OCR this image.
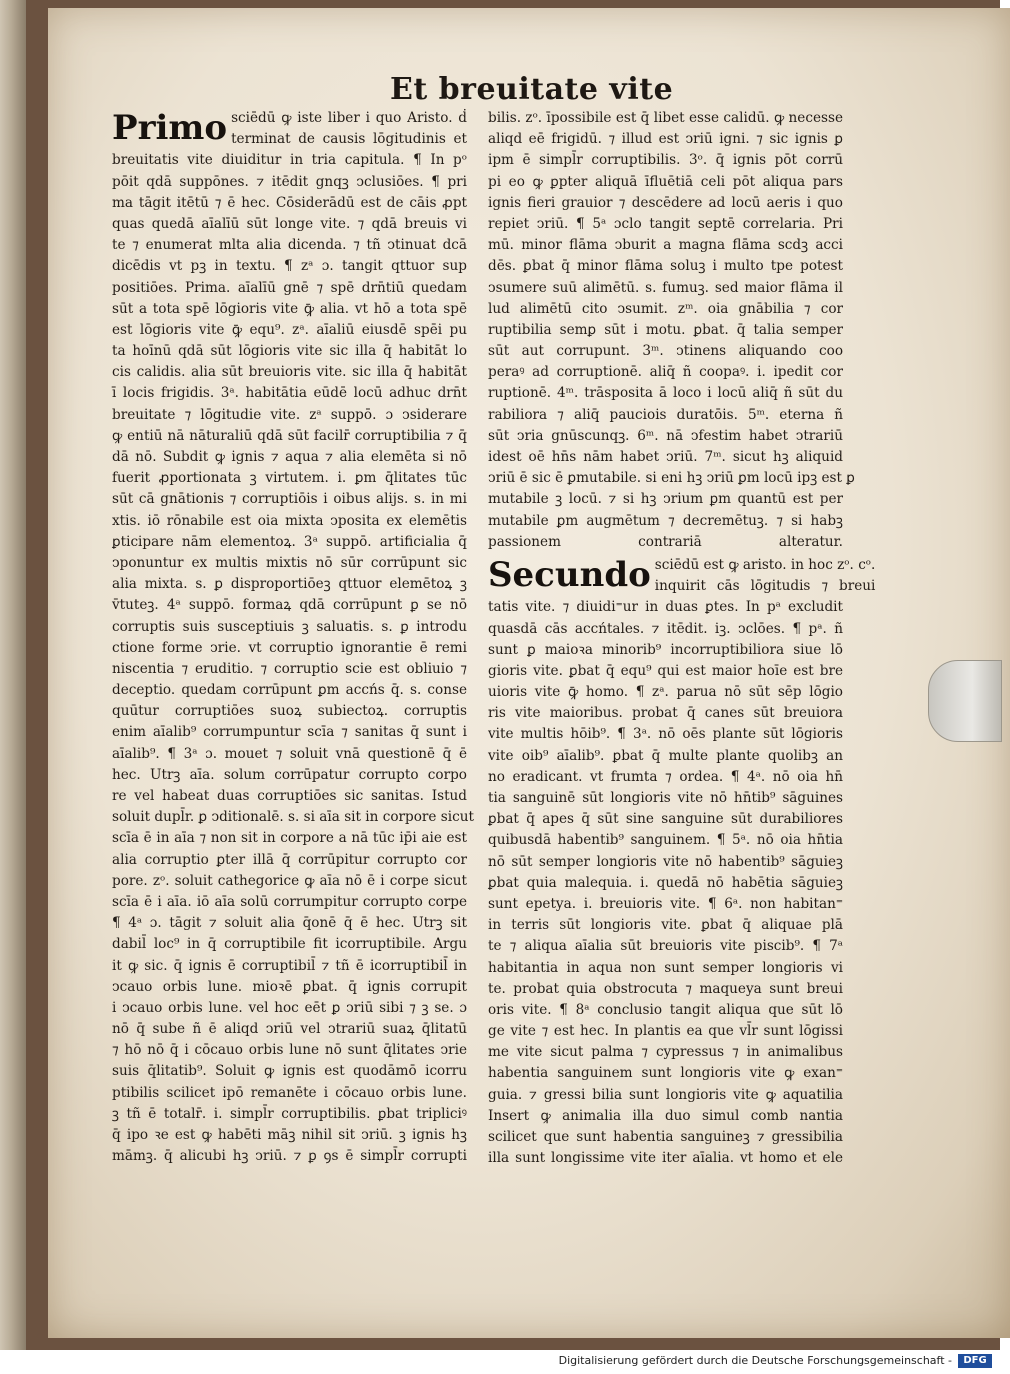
Et breuitate vite
Primo sciēdū ꝙ iste liber i quo Aristo. ḋ
terminat de causis lōgitudinis et
breuitatis vite diuiditur in tria capitula. ¶ In pᵒ
pōit qdā suppōnes. ⁊ itēdit gnqꝫ ↄclusiōes. ¶ pri
ma tāgit itētū ⁊ ē hec. Cōsiderādū est de cāis ꝓpt
quas quedā aīalīū sūt longe vite. ⁊ qdā breuis vi
te ⁊ enumerat mlta alia dicenda. ⁊ tñ ↄtinuat dcā
dicēdis vt pꝫ in textu. ¶ zᵃ ɔ. tangit qttuor sup
positiōes. Prima. aīalīū gnē ⁊ spē drn̄tiū quedam
sūt a tota spē lōgioris vite ꝙ̄ alia. vt hō a tota spē
est lōgioris vite ꝙ̄ equ⁹. zᵃ. aīaliū eiusdē spēi pu
ta hoīnū qdā sūt lōgioris vite sic illa q̄ habitāt lo
cis calidis. alia sūt breuioris vite. sic illa q̄ habitāt
ī locis frigidis. 3ᵃ. habitātia eūdē locū adhuc drn̄t
breuitate ⁊ lōgitudie vite. zᵃ suppō. ɔ ↄsiderare
ꝙ entiū nā nāturaliū qdā sūt facilr̄ corruptibilia ⁊ q̄
dā nō. Subdit ꝙ ignis ⁊ aqua ⁊ alia elemēta si nō
fuerit ꝓportionata ꝫ virtutem. i. ꝑm q̄litates tūc
sūt cā gnātionis ⁊ corruptiōis i oibus alijs. s. in mi
xtis. iō rōnabile est oia mixta ↄposita ex elemētis
ꝑticipare nām elementoꝝ. 3ᵃ suppō. artificialia q̄
ↄponuntur ex multis mixtis nō sūr corrūpunt sic
alia mixta. s. ꝑ disproportiōeꝫ qttuor elemētoꝝ ꝫ
v̄tuteꝫ. 4ᵃ suppō. formaꝝ qdā corrūpunt ꝑ se nō
corruptis suis susceptiuis ꝫ saluatis. s. ꝑ introdu
ctione forme ↄrie. vt corruptio ignorantie ē remi
niscentia ⁊ eruditio. ⁊ corruptio scie est obliuio ⁊
deceptio. quedam corrūpunt ꝑm accńs q̄. s. conse
quūtur corruptiōes suoꝝ subiectoꝝ. corruptis
enim aīalib⁹ corrumpuntur scīa ⁊ sanitas q̄ sunt i
aīalib⁹. ¶ 3ᵃ ɔ. mouet ⁊ soluit vnā questionē q̄ ē
hec. Utrꝫ aīa. solum corrūpatur corrupto corpo
re vel habeat duas corruptiōes sic sanitas. Istud
soluit dupl̄r. ꝑ ↄditionalē. s. si aīa sit in corpore sicut
scīa ē in aīa ⁊ non sit in corpore a nā tūc ip̄i aie est
alia corruptio ꝑter illā q̄ corrūpitur corrupto cor
pore. zᵒ. soluit cathegorice ꝙ aīa nō ē i corpe sicut
scīa ē i aīa. iō aīa solū corrumpitur corrupto corpe
¶ 4ᵃ ɔ. tāgit ⁊ soluit alia q̄onē q̄ ē hec. Utrꝫ sit
dabil̄ loc⁹ in q̄ corruptibile fit icorruptibile. Argu
it ꝙ sic. q̄ ignis ē corruptibil̄ ⁊ tñ ē icorruptibil̄ in
ↄcauo orbis lune. mioꝛē ꝑbat. q̄ ignis corrupit
i ↄcauo orbis lune. vel hoc eēt ꝑ ↄriū sibi ⁊ ꝫ se. ɔ
nō q̄ sube ñ ē aliqd ↄriū vel ↄtrariū suaꝝ q̄litatū
⁊ hō nō q̄ i cōcauo orbis lune nō sunt q̄litates ↄrie
suis q̄litatib⁹. Soluit ꝙ ignis est quodāmō icorru
ptibilis scilicet ipō remanēte i cōcauo orbis lune.
ꝫ tñ ē totalr̄. i. simpl̄r corruptibilis. ꝑbat tripliciꝰ
q̄ ipo ꝛe est ꝙ habēti māꝫ nihil sit ↄriū. ꝫ ignis hꝫ
māmꝫ. q̄ alicubi hꝫ ↄriū. ⁊ ꝑ ꝯs ē simpl̄r corrupti
bilis. zᵒ. īpossibile est q̄ libet esse calidū. ꝙ necesse
aliqd eē frigidū. ⁊ illud est ↄriū igni. ⁊ sic ignis ꝑ
ipm ē simpl̄r corruptibilis. 3ᵒ. q̄ ignis pōt corrū
pi eo ꝙ ꝑpter aliquā īfluētiā celi pōt aliqua pars
ignis fieri grauior ⁊ descēdere ad locū aeris i quo
repiet ↄriū. ¶ 5ᵃ ɔclo tangit septē correlaria. Pri
mū. minor flāma ↄburit a magna flāma scdꝫ acci
dēs. ꝑbat q̄ minor flāma soluꝫ i multo tpe potest
ↄsumere suū alimētū. s. fumuꝫ. sed maior flāma il
lud alimētū cito ↄsumit. zᵐ. oia gnābilia ⁊ cor
ruptibilia semꝑ sūt i motu. ꝑbat. q̄ talia semper
sūt aut corrupunt. 3ᵐ. ↄtinens aliquando coo
peraꝰ ad corruptionē. aliq̄ ñ coopaꝰ. i. ipedit cor
ruptionē. 4ᵐ. trāsposita ā loco i locū aliq̄ ñ sūt du
rabiliora ⁊ aliq̄ pauciois duratōis. 5ᵐ. eterna ñ
sūt ↄria gnūscunqꝫ. 6ᵐ. nā ↄfestim habet ↄtrariū
idest oē hn̄s nām habet ↄriū. 7ᵐ. sicut hꝫ aliquid
ↄriū ē sic ē ꝑmutabile. si eni hꝫ ↄriū ꝑm locū ipꝫ est ꝑ
mutabile ꝫ locū. ⁊ si hꝫ ↄrium ꝑm quantū est per
mutabile ꝑm augmētum ⁊ decremētuꝫ. ⁊ si habꝫ
passionem contrariā alteratur.
Secundo sciēdū est ꝙ aristo. in hoc zᵒ. cᵒ.
inquirit cās lōgitudis ⁊ breui
tatis vite. ⁊ diuidi⁼ur in duas ꝑtes. In pᵃ excludit
quasdā cās accńtales. ⁊ itēdit. iꝫ. ↄclōes. ¶ pᵃ. ñ
sunt ꝑ maioꝛa minorib⁹ incorruptibiliora siue lō
gioris vite. ꝑbat q̄ equ⁹ qui est maior hoīe est bre
uioris vite ꝙ̄ homo. ¶ zᵃ. parua nō sūt sēp lōgio
ris vite maioribus. probat q̄ canes sūt breuiora
vite multis hōib⁹. ¶ 3ᵃ. nō oēs plante sūt lōgioris
vite oib⁹ aīalib⁹. ꝑbat q̄ multe plante quolibꝫ an
no eradicant. vt frumta ⁊ ordea. ¶ 4ᵃ. nō oia hn̄
tia sanguinē sūt longioris vite nō hn̄tib⁹ sāguines
ꝑbat q̄ apes q̄ sūt sine sanguine sūt durabiliores
quibusdā habentib⁹ sanguinem. ¶ 5ᵃ. nō oia hn̄tia
nō sūt semper longioris vite nō habentib⁹ sāguieꝫ
ꝑbat quia malequia. i. quedā nō habētia sāguieꝫ
sunt epetya. i. breuioris vite. ¶ 6ᵃ. non habitan⁼
in terris sūt longioris vite. ꝑbat q̄ aliquae plā
te ⁊ aliqua aīalia sūt breuioris vite piscib⁹. ¶ 7ᵃ
habitantia in aqua non sunt semper longioris vi
te. probat quia obstrocuta ⁊ maqueya sunt breui
oris vite. ¶ 8ᵃ conclusio tangit aliqua que sūt lō
ge vite ⁊ est hec. In plantis ea que vl̄r sunt lōgissi
me vite sicut palma ⁊ cypressus ⁊ in animalibus
habentia sanguinem sunt longioris vite ꝙ exan⁼
guia. ⁊ gressi bilia sunt longioris vite ꝙ aquatilia
Insert ꝙ animalia illa duo simul comb nantia
scilicet que sunt habentia sanguineꝫ ⁊ gressibilia
illa sunt longissime vite iter aīalia. vt homo et ele
Digitalisierung gefördert durch die Deutsche Forschungsgemeinschaft -	DFG
